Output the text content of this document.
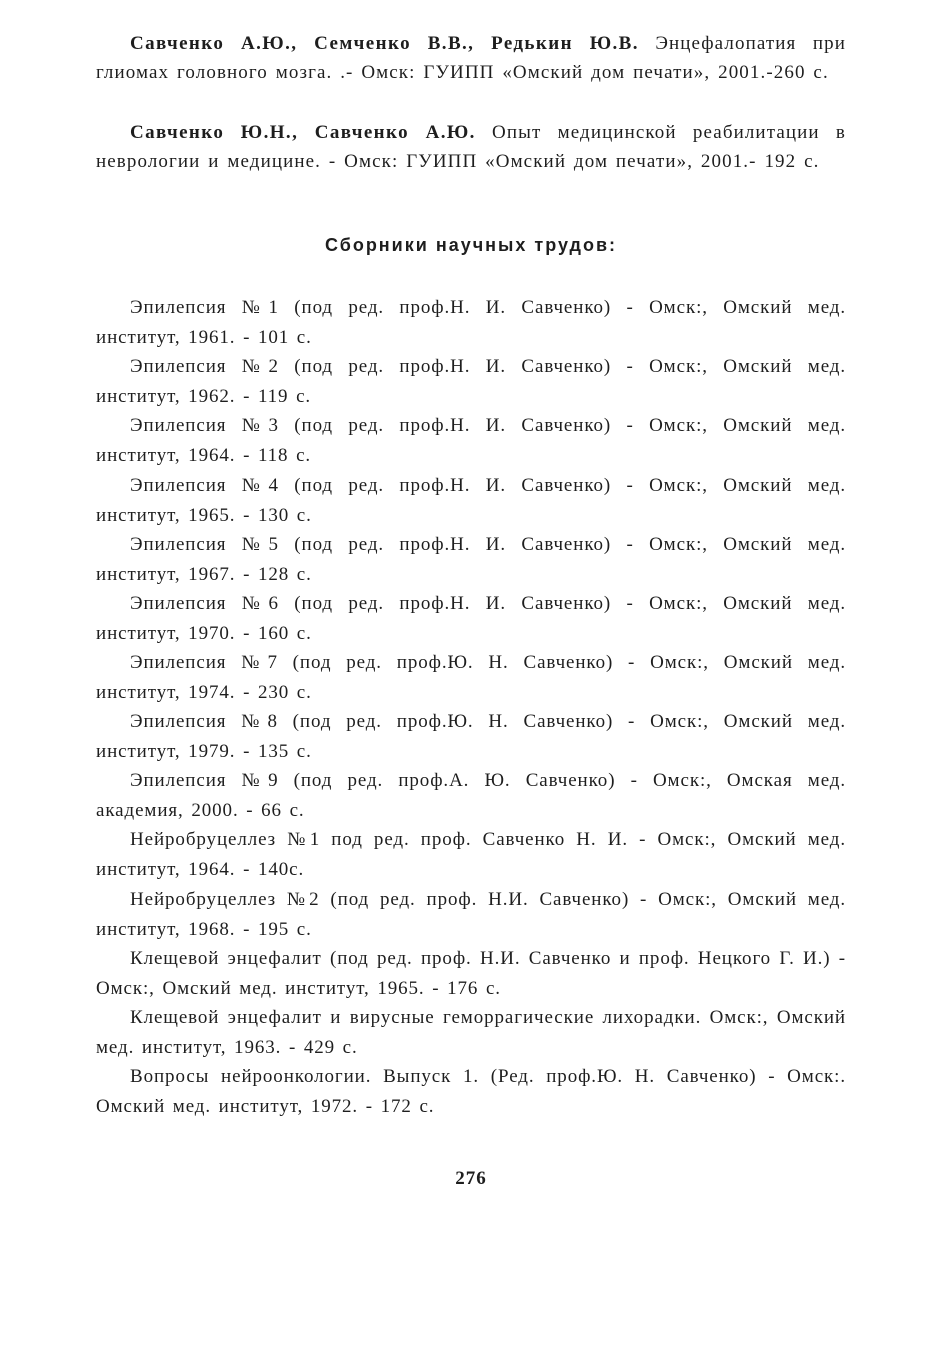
Савченко А.Ю., Семченко В.В., Редькин Ю.В. Энцефалопатия при глиомах головного мозга. .- Омск: ГУИПП «Омский дом печати», 2001.-260 с.

Савченко Ю.Н., Савченко А.Ю. Опыт медицинской реабилитации в неврологии и медицине. - Омск: ГУИПП «Омский дом печати», 2001.- 192 с.

Сборники научных трудов:

Эпилепсия №1 (под ред. проф.Н. И. Савченко) - Омск:, Омский мед. институт, 1961. - 101 с.

Эпилепсия №2 (под ред. проф.Н. И. Савченко) - Омск:, Омский мед. институт, 1962. - 119 с.

Эпилепсия №3 (под ред. проф.Н. И. Савченко) - Омск:, Омский мед. институт, 1964. - 118 с.

Эпилепсия №4 (под ред. проф.Н. И. Савченко) - Омск:, Омский мед. институт, 1965. - 130 с.

Эпилепсия №5 (под ред. проф.Н. И. Савченко) - Омск:, Омский мед. институт, 1967. - 128 с.

Эпилепсия №6 (под ред. проф.Н. И. Савченко) - Омск:, Омский мед. институт, 1970. - 160 с.

Эпилепсия №7 (под ред. проф.Ю. Н. Савченко) - Омск:, Омский мед. институт, 1974. - 230 с.

Эпилепсия №8 (под ред. проф.Ю. Н. Савченко) - Омск:, Омский мед. институт, 1979. - 135 с.

Эпилепсия №9 (под ред. проф.А. Ю. Савченко) - Омск:, Омская мед. академия, 2000. - 66 с.

Нейробруцеллез №1 под ред. проф. Савченко Н. И. - Омск:, Омский мед. институт, 1964. - 140с.

Нейробруцеллез №2 (под ред. проф. Н.И. Савченко) - Омск:, Омский мед. институт, 1968. - 195 с.

Клещевой энцефалит (под ред. проф. Н.И. Савченко и проф. Нецкого Г. И.) - Омск:, Омский мед. институт, 1965. - 176 с.

Клещевой энцефалит и вирусные геморрагические лихорадки. Омск:, Омский мед. институт, 1963. - 429 с.

Вопросы нейроонкологии. Выпуск 1. (Ред. проф.Ю. Н. Савченко) - Омск:. Омский мед. институт, 1972. - 172 с.

276
